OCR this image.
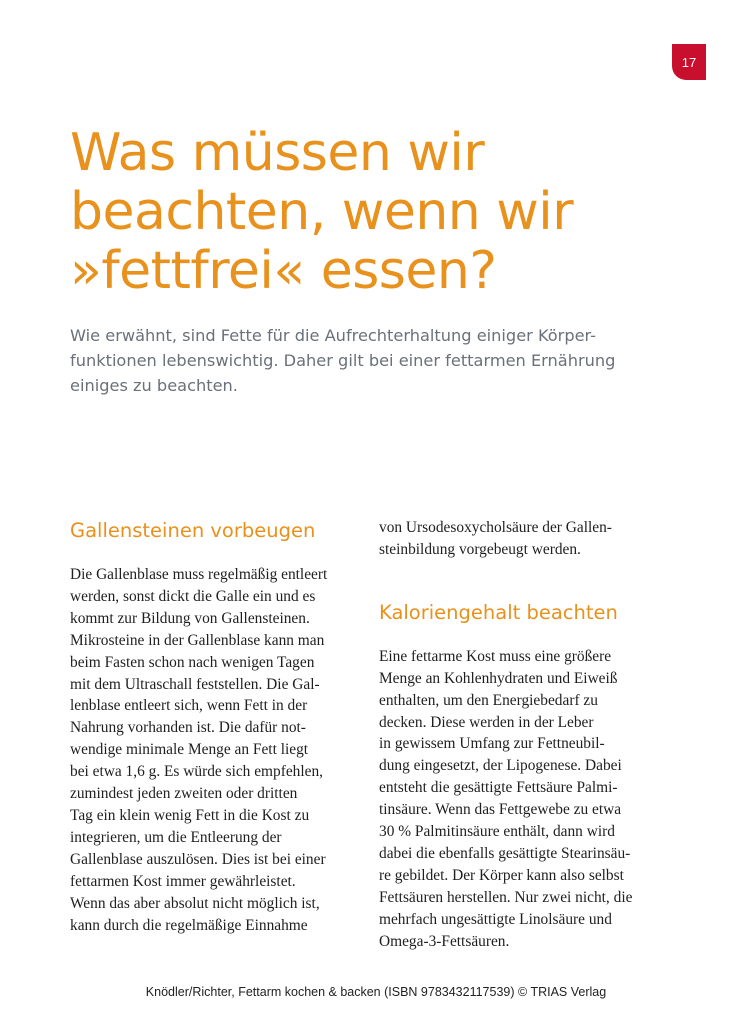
17
Was müssen wir
beachten, wenn wir
»fettfrei« essen?

Wie erwähnt, sind Fette für die Aufrechterhaltung einiger Körper-
funktionen lebenswichtig. Daher gilt bei einer fettarmen Ernährung
einiges zu beachten.

Gallensteinen vorbeugen
Die Gallenblase muss regelmäßig entleert
werden, sonst dickt die Galle ein und es
kommt zur Bildung von Gallensteinen.
Mikrosteine in der Gallenblase kann man
beim Fasten schon nach wenigen Tagen
mit dem Ultraschall feststellen. Die Gal-
lenblase entleert sich, wenn Fett in der
Nahrung vorhanden ist. Die dafür not-
wendige minimale Menge an Fett liegt
bei etwa 1,6 g. Es würde sich empfehlen,
zumindest jeden zweiten oder dritten
Tag ein klein wenig Fett in die Kost zu
integrieren, um die Entleerung der
Gallenblase auszulösen. Dies ist bei einer
fettarmen Kost immer gewährleistet.
Wenn das aber absolut nicht möglich ist,
kann durch die regelmäßige Einnahme
von Ursodesoxycholsäure der Gallen-
steinbildung vorgebeugt werden.
Kaloriengehalt beachten
Eine fettarme Kost muss eine größere
Menge an Kohlenhydraten und Eiweiß
enthalten, um den Energiebedarf zu
decken. Diese werden in der Leber
in gewissem Umfang zur Fettneubil-
dung eingesetzt, der Lipogenese. Dabei
entsteht die gesättigte Fettsäure Palmi-
tinsäure. Wenn das Fettgewebe zu etwa
30 % Palmitinsäure enthält, dann wird
dabei die ebenfalls gesättigte Stearinsäu-
re gebildet. Der Körper kann also selbst
Fettsäuren herstellen. Nur zwei nicht, die
mehrfach ungesättigte Linolsäure und
Omega-3-Fettsäuren.
Knödler/Richter, Fettarm kochen & backen (ISBN 9783432117539) © TRIAS Verlag
